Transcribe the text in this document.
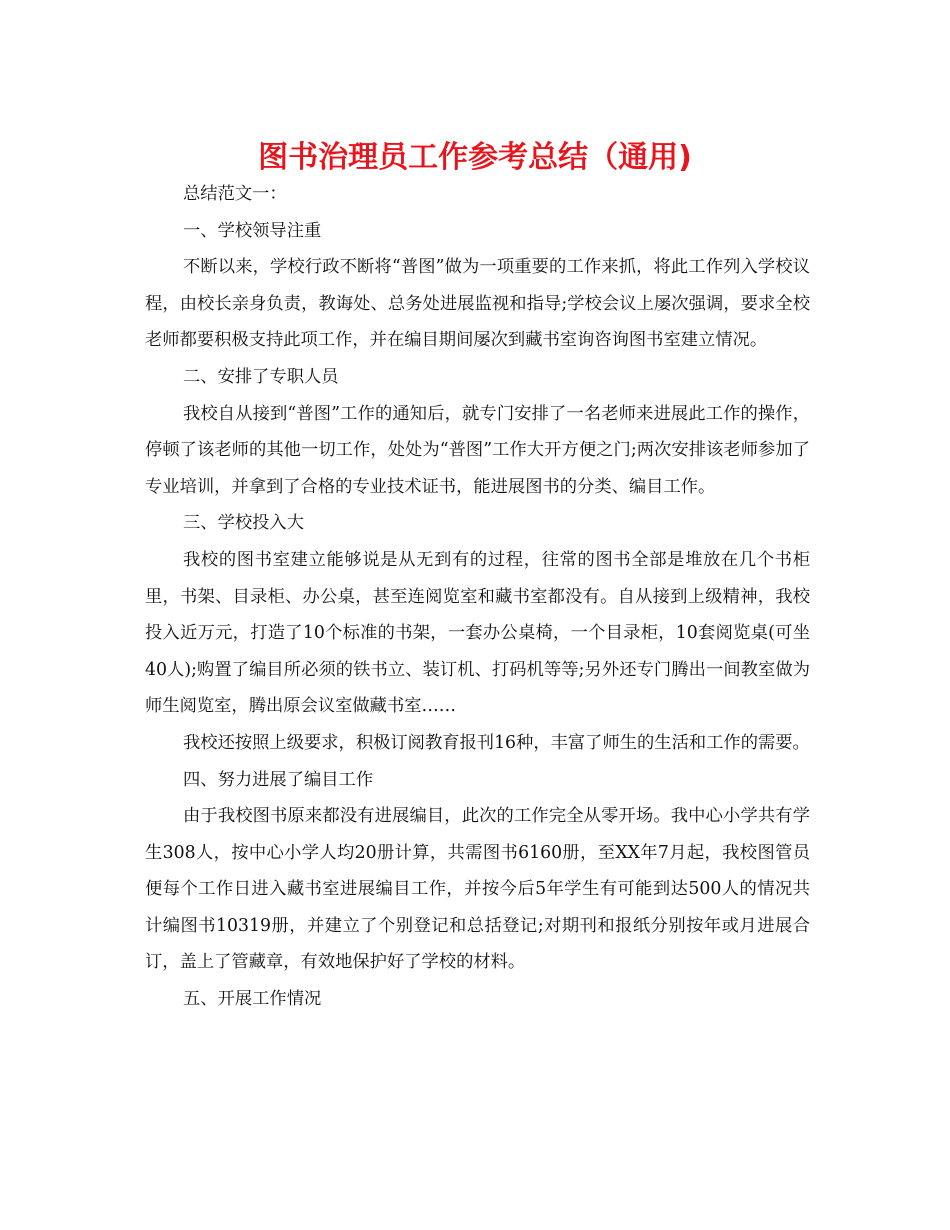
图书治理员工作参考总结（通用)

总结范文一：

一、学校领导注重

不断以来，学校行政不断将“普图”做为一项重要的工作来抓，将此工作列入学校议程，由校长亲身负责，教诲处、总务处进展监视和指导;学校会议上屡次强调，要求全校老师都要积极支持此项工作，并在编目期间屡次到藏书室询咨询图书室建立情况。

二、安排了专职人员

我校自从接到“普图”工作的通知后，就专门安排了一名老师来进展此工作的操作，停顿了该老师的其他一切工作，处处为“普图”工作大开方便之门;两次安排该老师参加了专业培训，并拿到了合格的专业技术证书，能进展图书的分类、编目工作。

三、学校投入大

我校的图书室建立能够说是从无到有的过程，往常的图书全部是堆放在几个书柜里，书架、目录柜、办公桌，甚至连阅览室和藏书室都没有。自从接到上级精神，我校投入近万元，打造了10个标准的书架，一套办公桌椅，一个目录柜，10套阅览桌(可坐40人);购置了编目所必须的铁书立、装订机、打码机等等;另外还专门腾出一间教室做为师生阅览室，腾出原会议室做藏书室……

我校还按照上级要求，积极订阅教育报刊16种，丰富了师生的生活和工作的需要。

四、努力进展了编目工作

由于我校图书原来都没有进展编目，此次的工作完全从零开场。我中心小学共有学生308人，按中心小学人均20册计算，共需图书6160册，至XX年7月起，我校图管员便每个工作日进入藏书室进展编目工作，并按今后5年学生有可能到达500人的情况共计编图书10319册，并建立了个别登记和总括登记;对期刊和报纸分别按年或月进展合订，盖上了管藏章，有效地保护好了学校的材料。

五、开展工作情况
